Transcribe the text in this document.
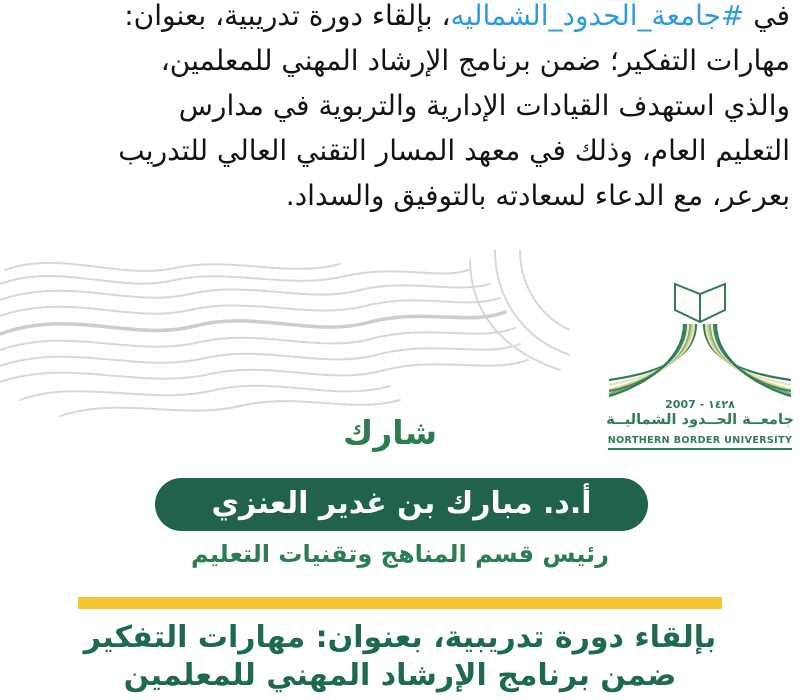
في #جامعة_الحدود_الشماليه، بإلقاء دورة تدريبية، بعنوان:
مهارات التفكير؛ ضمن برنامج الإرشاد المهني للمعلمين،
والذي استهدف القيادات الإدارية والتربوية في مدارس
التعليم العام، وذلك في معهد المسار التقني العالي للتدريب
بعرعر، مع الدعاء لسعادته بالتوفيق والسداد.
2007 - ١٤٢٨
جامعــة الحــدود الشماليــة
NORTHERN BORDER UNIVERSITY
شارك
أ.د. مبارك بن غدير العنزي
رئيس قسم المناهج وتقنيات التعليم
بإلقاء دورة تدريبية، بعنوان: مهارات التفكير
ضمن برنامج الإرشاد المهني للمعلمين
